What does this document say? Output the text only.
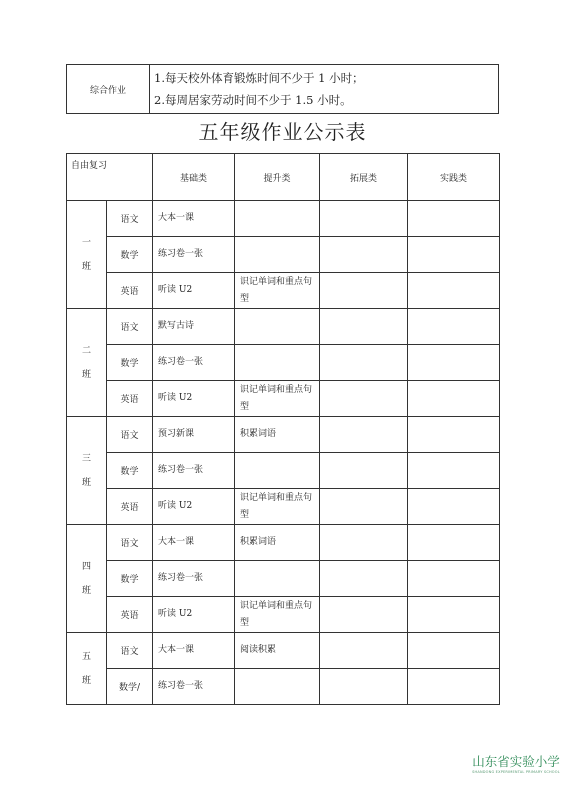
综合作业	
1.每天校外体育锻炼时间不少于 1 小时；
2.每周居家劳动时间不少于 1.5 小时。
五年级作业公示表
自由复习		基础类	提升类	拓展类	实践类

一
班	语文	大本一课			
	数学	练习卷一张			
	英语	听读 U2	识记单词和重点句型		

二
班	语文	默写古诗			
	数学	练习卷一张			
	英语	听读 U2	识记单词和重点句型		

三
班	语文	预习新课	积累词语		
	数学	练习卷一张			
	英语	听读 U2	识记单词和重点句型		

四
班	语文	大本一课	积累词语		
	数学	练习卷一张			
	英语	听读 U2	识记单词和重点句型		

五
班	语文	大本一课	阅读积累		
	数学/	练习卷一张			
山东省实验小学
SHANDONG EXPERIMENTAL PRIMARY SCHOOL
